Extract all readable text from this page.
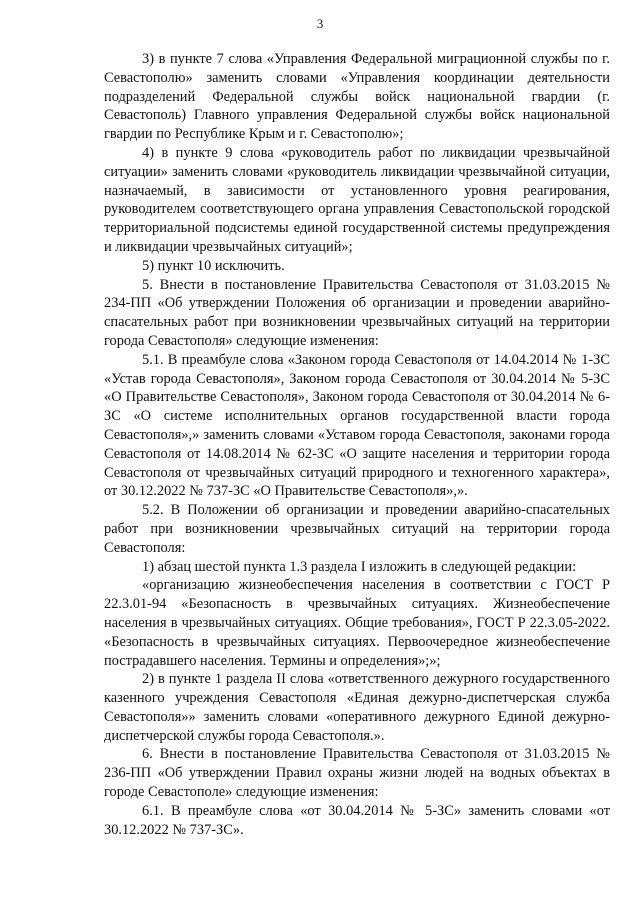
3

3) в пункте 7 слова «Управления Федеральной миграционной службы по г. Севастополю» заменить словами «Управления координации деятельности подразделений Федеральной службы войск национальной гвардии (г. Севастополь) Главного управления Федеральной службы войск национальной гвардии по Республике Крым и г. Севастополю»;

4) в пункте 9 слова «руководитель работ по ликвидации чрезвычайной ситуации» заменить словами «руководитель ликвидации чрезвычайной ситуации, назначаемый, в зависимости от установленного уровня реагирования, руководителем соответствующего органа управления Севастопольской городской территориальной подсистемы единой государственной системы предупреждения и ликвидации чрезвычайных ситуаций»;

5) пункт 10 исключить.

5. Внести в постановление Правительства Севастополя от 31.03.2015 № 234-ПП «Об утверждении Положения об организации и проведении аварийно-спасательных работ при возникновении чрезвычайных ситуаций на территории города Севастополя» следующие изменения:

5.1. В преамбуле слова «Законом города Севастополя от 14.04.2014 № 1-ЗС «Устав города Севастополя», Законом города Севастополя от 30.04.2014 № 5-ЗС «О Правительстве Севастополя», Законом города Севастополя от 30.04.2014 № 6-ЗС «О системе исполнительных органов государственной власти города Севастополя»,» заменить словами «Уставом города Севастополя, законами города Севастополя от 14.08.2014 № 62-ЗС «О защите населения и территории города Севастополя от чрезвычайных ситуаций природного и техногенного характера», от 30.12.2022 № 737-ЗС «О Правительстве Севастополя»,».

5.2. В Положении об организации и проведении аварийно-спасательных работ при возникновении чрезвычайных ситуаций на территории города Севастополя:

1) абзац шестой пункта 1.3 раздела I изложить в следующей редакции:

«организацию жизнеобеспечения населения в соответствии с ГОСТ Р 22.3.01-94 «Безопасность в чрезвычайных ситуациях. Жизнеобеспечение населения в чрезвычайных ситуациях. Общие требования», ГОСТ Р 22.3.05-2022. «Безопасность в чрезвычайных ситуациях. Первоочередное жизнеобеспечение пострадавшего населения. Термины и определения»;»;

2) в пункте 1 раздела II слова «ответственного дежурного государственного казенного учреждения Севастополя «Единая дежурно-диспетчерская служба Севастополя»» заменить словами «оперативного дежурного Единой дежурно-диспетчерской службы города Севастополя.».

6. Внести в постановление Правительства Севастополя от 31.03.2015 № 236-ПП «Об утверждении Правил охраны жизни людей на водных объектах в городе Севастополе» следующие изменения:

6.1. В преамбуле слова «от 30.04.2014 № 5-ЗС» заменить словами «от 30.12.2022 № 737-ЗС».
